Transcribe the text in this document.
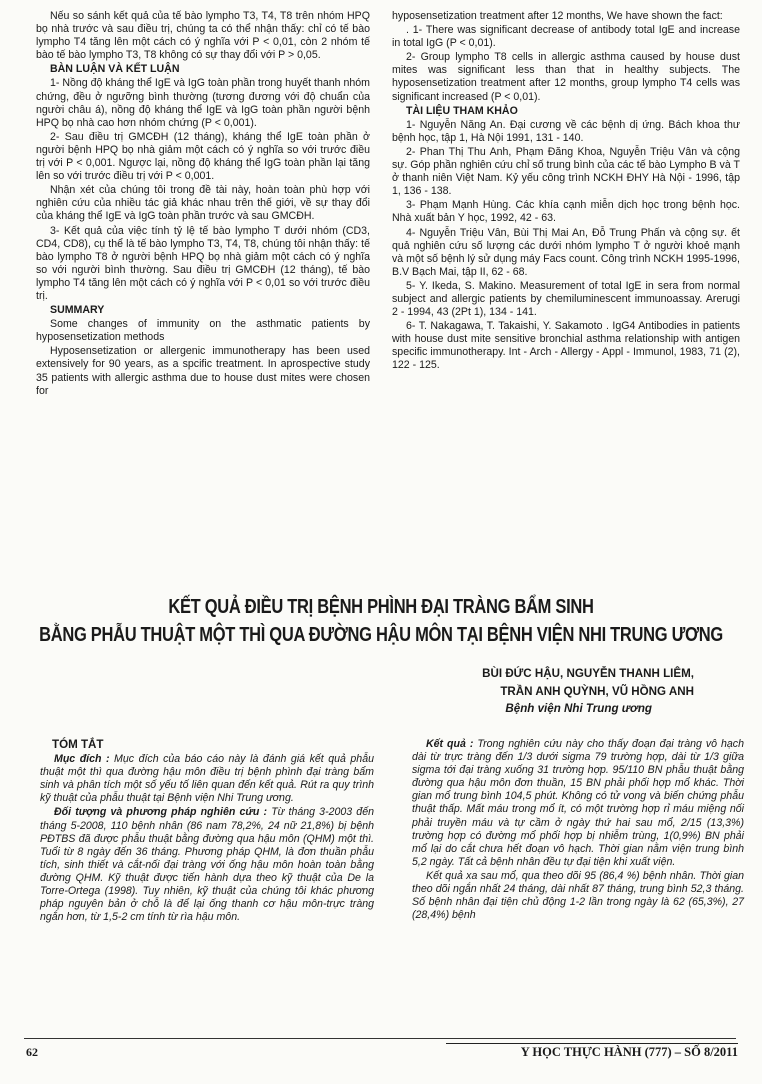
Nếu so sánh kết quả của tế bào lympho T3, T4, T8 trên nhóm HPQ bọ nhà trước và sau điều trị, chúng ta có thể nhận thấy: chỉ có tế bào lympho T4 tăng lên một cách có ý nghĩa với P < 0,01, còn 2 nhóm tế bào tế bào lympho T3, T8 không có sự thay đổi với P > 0,05.

BÀN LUẬN VÀ KẾT LUẬN

1- Nồng độ kháng thể IgE và IgG toàn phần trong huyết thanh nhóm chứng, đều ở ngưỡng bình thường (tương đương với độ chuẩn của người châu á), nồng độ kháng thể IgE và IgG toàn phần người bệnh HPQ bọ nhà cao hơn nhóm chứng (P < 0,001).

2- Sau điều trị GMCĐH (12 tháng), kháng thể IgE toàn phần ở người bệnh HPQ bọ nhà giảm một cách có ý nghĩa so với trước điều trị với P < 0,001. Ngược lại, nồng độ kháng thể IgG toàn phần lại tăng lên so với trước điều trị với P < 0,001.

Nhận xét của chúng tôi trong đề tài này, hoàn toàn phù hợp với nghiên cứu của nhiều tác giả khác nhau trên thế giới, về sự thay đổi của kháng thể IgE và IgG toàn phần trước và sau GMCĐH.

3- Kết quả của việc tính tỷ lệ tế bào lympho T dưới nhóm (CD3, CD4, CD8), cụ thể là tế bào lympho T3, T4, T8, chúng tôi nhận thấy: tế bào lympho T8 ở người bệnh HPQ bọ nhà giảm một cách có ý nghĩa so với người bình thường. Sau điều trị GMCĐH (12 tháng), tế bào lympho T4 tăng lên một cách có ý nghĩa với P < 0,01 so với trước điều trị.

SUMMARY

Some changes of immunity on the asthmatic patients by hyposensetization methods

Hyposensetization or allergenic immunotherapy has been used extensively for 90 years, as a spcific treatment. In aprospective study 35 patients with allergic asthma due to house dust mites were chosen for

hyposensetization treatment after 12 months, We have shown the fact:

. 1- There was significant decrease of antibody total IgE and increase in total IgG (P < 0,01).

2- Group lympho T8 cells in allergic asthma caused by house dust mites was significant less than that in healthy subjects. The hyposensetization treatment after 12 months, group lympho T4 cells was significant increased (P < 0,01).

TÀI LIỆU THAM KHẢO

1- Nguyễn Năng An. Đại cương về các bệnh dị ứng. Bách khoa thư bệnh học, tập 1, Hà Nội 1991, 131 - 140.

2- Phan Thị Thu Anh, Phạm Đăng Khoa, Nguyễn Triệu Vân và cộng sự. Góp phần nghiên cứu chỉ số trung bình của các tế bào Lympho B và T ở thanh niên Việt Nam. Kỷ yếu công trình NCKH ĐHY Hà Nội - 1996, tập 1, 136 - 138.

3- Phạm Mạnh Hùng. Các khía cạnh miễn dịch học trong bệnh học. Nhà xuất bản Y học, 1992, 42 - 63.

4- Nguyễn Triệu Vân, Bùi Thị Mai An, Đỗ Trung Phấn và cộng sự. ết quả nghiên cứu số lượng các dưới nhóm lympho T ở người khoẻ mạnh và một số bệnh lý sử dụng máy Facs count. Công trình NCKH 1995-1996, B.V Bạch Mai, tập II, 62 - 68.

5- Y. Ikeda, S. Makino. Measurement of total IgE in sera from normal subject and allergic patients by chemiluminescent immunoassay. Arerugi 2 - 1994, 43 (2Pt 1), 134 - 141.

6- T. Nakagawa, T. Takaishi, Y. Sakamoto . IgG4 Antibodies in patients with house dust mite sensitive bronchial asthma relationship with antigen specific immunotherapy. Int - Arch - Allergy - Appl - Immunol, 1983, 71 (2), 122 - 125.

KẾT QUẢ ĐIỀU TRỊ BỆNH PHÌNH ĐẠI TRÀNG BẨM SINH
BẰNG PHẪU THUẬT MỘT THÌ QUA ĐƯỜNG HẬU MÔN TẠI BỆNH VIỆN NHI TRUNG ƯƠNG
BÙI ĐỨC HẬU, NGUYỄN THANH LIÊM,
TRẦN ANH QUỲNH, VŨ HỒNG ANH
Bệnh viện Nhi Trung ương
TÓM TẮT

Mục đích : Mục đích của báo cáo này là đánh giá kết quả phẫu thuật một thì qua đường hậu môn điều trị bệnh phình đại tràng bẩm sinh và phân tích một số yếu tố liên quan đến kết quả. Rút ra quy trình kỹ thuật của phẫu thuật tại Bệnh viện Nhi Trung ương.

Đối tượng và phương pháp nghiên cứu : Từ tháng 3-2003 đến tháng 5-2008, 110 bệnh nhân (86 nam 78,2%, 24 nữ 21,8%) bị bệnh PĐTBS đã được phẫu thuật bằng đường qua hậu môn (QHM) một thì. Tuổi từ 8 ngày đến 36 tháng. Phương pháp QHM, là đơn thuần phẫu tích, sinh thiết và cắt-nối đại tràng với ống hậu môn hoàn toàn bằng đường QHM. Kỹ thuật được tiến hành dựa theo kỹ thuật của De la Torre-Ortega (1998). Tuy nhiên, kỹ thuật của chúng tôi khác phương pháp nguyên bản ở chỗ là để lại ống thanh cơ hậu môn-trực tràng ngắn hơn, từ 1,5-2 cm tính từ rìa hậu môn.

Kết quả : Trong nghiên cứu này cho thấy đoạn đại tràng vô hạch dài từ trực tràng đến 1/3 dưới sigma 79 trường hợp, dài từ 1/3 giữa sigma tới đại tràng xuống 31 trường hợp. 95/110 BN phẫu thuật bằng đường qua hậu môn đơn thuần, 15 BN phải phối hợp mổ khác. Thời gian mổ trung bình 104,5 phút. Không có tử vong và biến chứng phẫu thuật thấp. Mất máu trong mổ ít, có một trường hợp rỉ máu miệng nối phải truyền máu và tự cầm ở ngày thứ hai sau mổ, 2/15 (13,3%) trường hợp có đường mổ phối hợp bị nhiễm trùng, 1(0,9%) BN phải mổ lại do cắt chưa hết đoạn vô hạch. Thời gian nằm viện trung bình 5,2 ngày. Tất cả bệnh nhân đều tự đại tiện khi xuất viện.

Kết quả xa sau mổ, qua theo dõi 95 (86,4 %) bệnh nhân. Thời gian theo dõi ngắn nhất 24 tháng, dài nhất 87 tháng, trung bình 52,3 tháng. Số bệnh nhân đại tiện chủ động 1-2 lần trong ngày là 62 (65,3%), 27 (28,4%) bệnh

62	Y HỌC THỰC HÀNH (777) – SỐ 8/2011
